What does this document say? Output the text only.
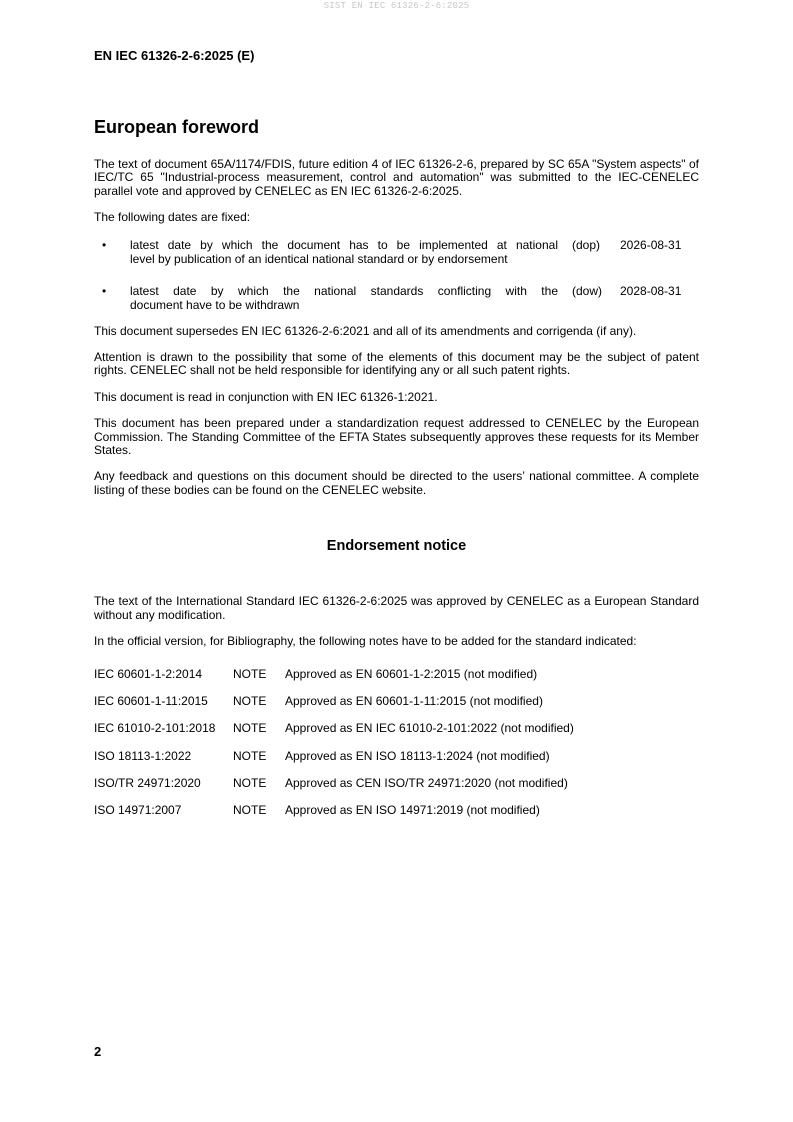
SIST EN IEC 61326-2-6:2025
EN IEC 61326-2-6:2025 (E)
European foreword

The text of document 65A/1174/FDIS, future edition 4 of IEC 61326-2-6, prepared by SC 65A "System aspects" of IEC/TC 65 "Industrial-process measurement, control and automation" was submitted to the IEC-CENELEC parallel vote and approved by CENELEC as EN IEC 61326-2-6:2025.

The following dates are fixed:

• latest date by which the document has to be implemented at national
level by publication of an identical national standard or by endorsement
(dop) 2026-08-31
• latest date by which the national standards conflicting with the
document have to be withdrawn
(dow) 2028-08-31

This document supersedes EN IEC 61326-2-6:2021 and all of its amendments and corrigenda (if any).

Attention is drawn to the possibility that some of the elements of this document may be the subject of patent rights. CENELEC shall not be held responsible for identifying any or all such patent rights.

This document is read in conjunction with EN IEC 61326-1:2021.

This document has been prepared under a standardization request addressed to CENELEC by the European Commission. The Standing Committee of the EFTA States subsequently approves these requests for its Member States.

Any feedback and questions on this document should be directed to the users’ national committee. A complete listing of these bodies can be found on the CENELEC website.

Endorsement notice

The text of the International Standard IEC 61326-2-6:2025 was approved by CENELEC as a European Standard without any modification.

In the official version, for Bibliography, the following notes have to be added for the standard indicated:

IEC 60601-1-2:2014	NOTE Approved as EN 60601-1-2:2015 (not modified)
IEC 60601-1-11:2015 NOTE Approved as EN 60601-1-11:2015 (not modified)
IEC 61010-2-101:2018 NOTE Approved as EN IEC 61010-2-101:2022 (not modified)
ISO 18113-1:2022	NOTE Approved as EN ISO 18113-1:2024 (not modified)
ISO/TR 24971:2020	NOTE Approved as CEN ISO/TR 24971:2020 (not modified)
ISO 14971:2007	NOTE Approved as EN ISO 14971:2019 (not modified)
2
